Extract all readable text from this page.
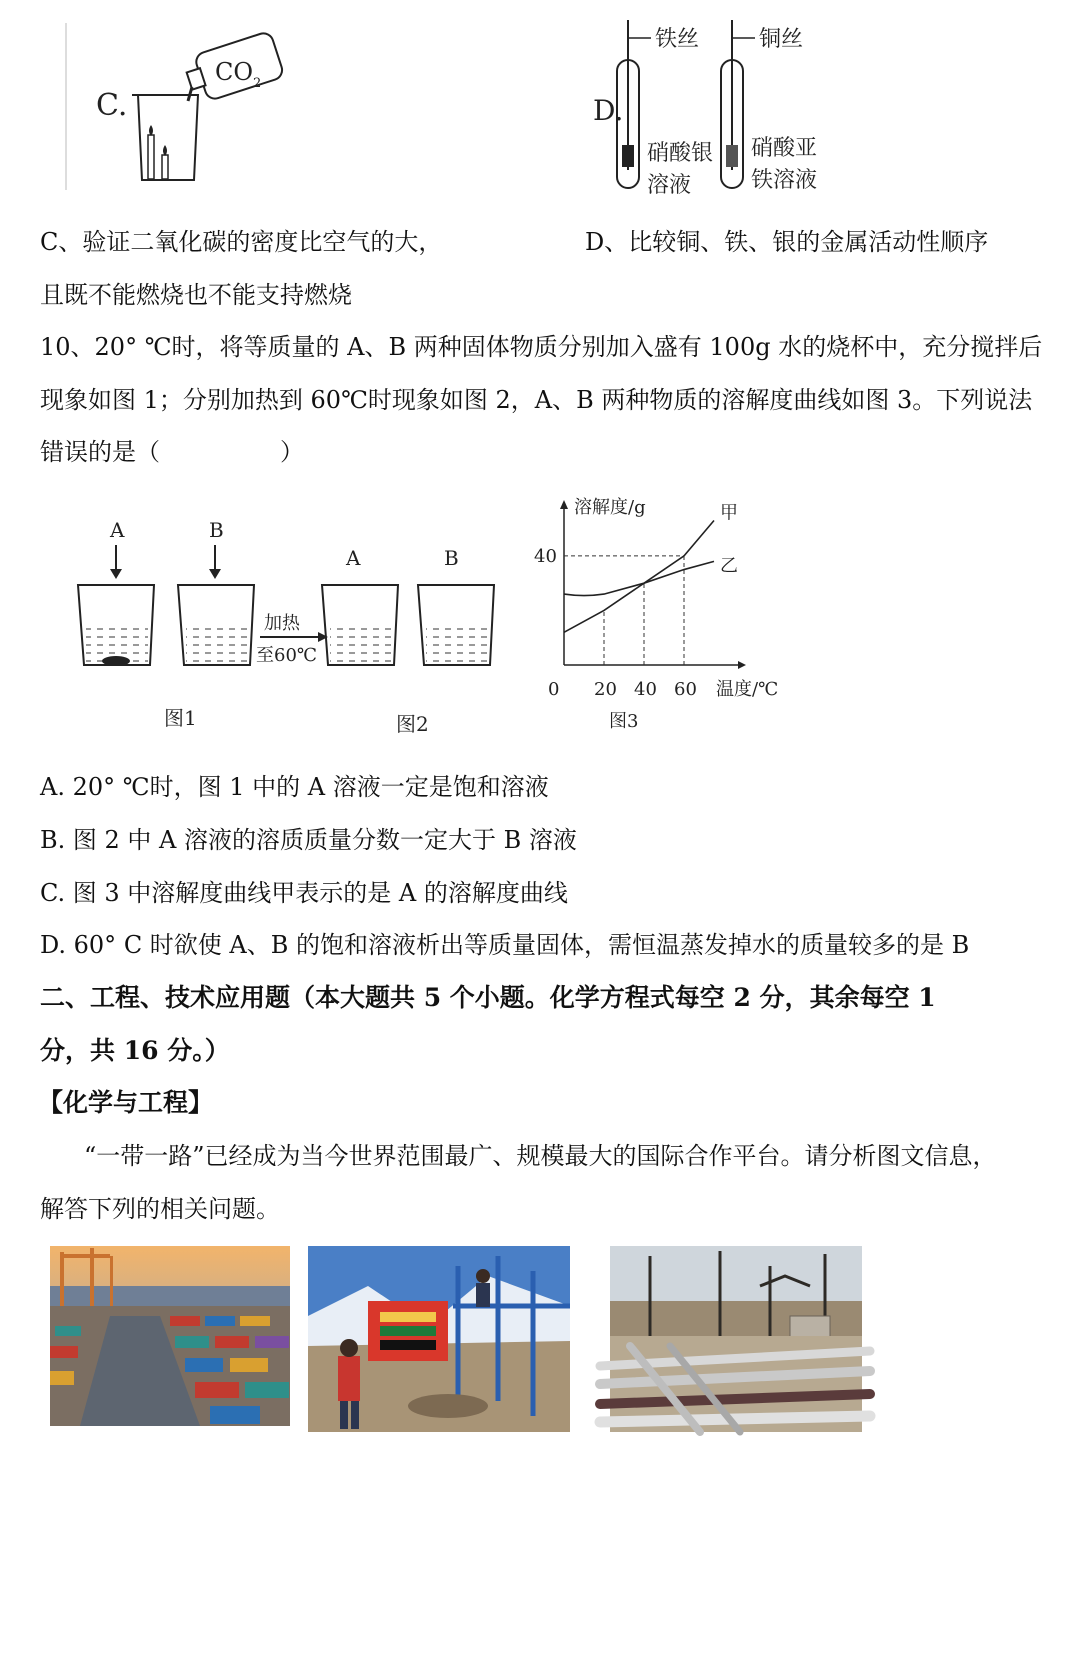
C.
CO 2
D.
铁丝
硝酸银
溶液
铜丝
硝酸亚
铁溶液
C、验证二氧化碳的密度比空气的大，	D、比较铜、铁、银的金属活动性顺序
且既不能燃烧也不能支持燃烧
10、20° ℃时，将等质量的 A、B 两种固体物质分别加入盛有 100g 水的烧杯中，充分搅拌后
现象如图 1；分别加热到 60℃时现象如图 2，A、B 两种物质的溶解度曲线如图 3。下列说法
错误的是（　　　　　）
A	B
加热
至60℃
A	B
图1	图2
溶解度/g
温度/℃
0 20 40 60
40
甲
乙
图3
A. 20° ℃时，图 1 中的 A 溶液一定是饱和溶液
B. 图 2 中 A 溶液的溶质质量分数一定大于 B 溶液
C. 图 3 中溶解度曲线甲表示的是 A 的溶解度曲线
D. 60° C 时欲使 A、B 的饱和溶液析出等质量固体，需恒温蒸发掉水的质量较多的是 B
二、工程、技术应用题（本大题共 5 个小题。化学方程式每空 2 分，其余每空 1
分，共 16 分。）
【化学与工程】
“一带一路”已经成为当今世界范围最广、规模最大的国际合作平台。请分析图文信息，
解答下列的相关问题。
